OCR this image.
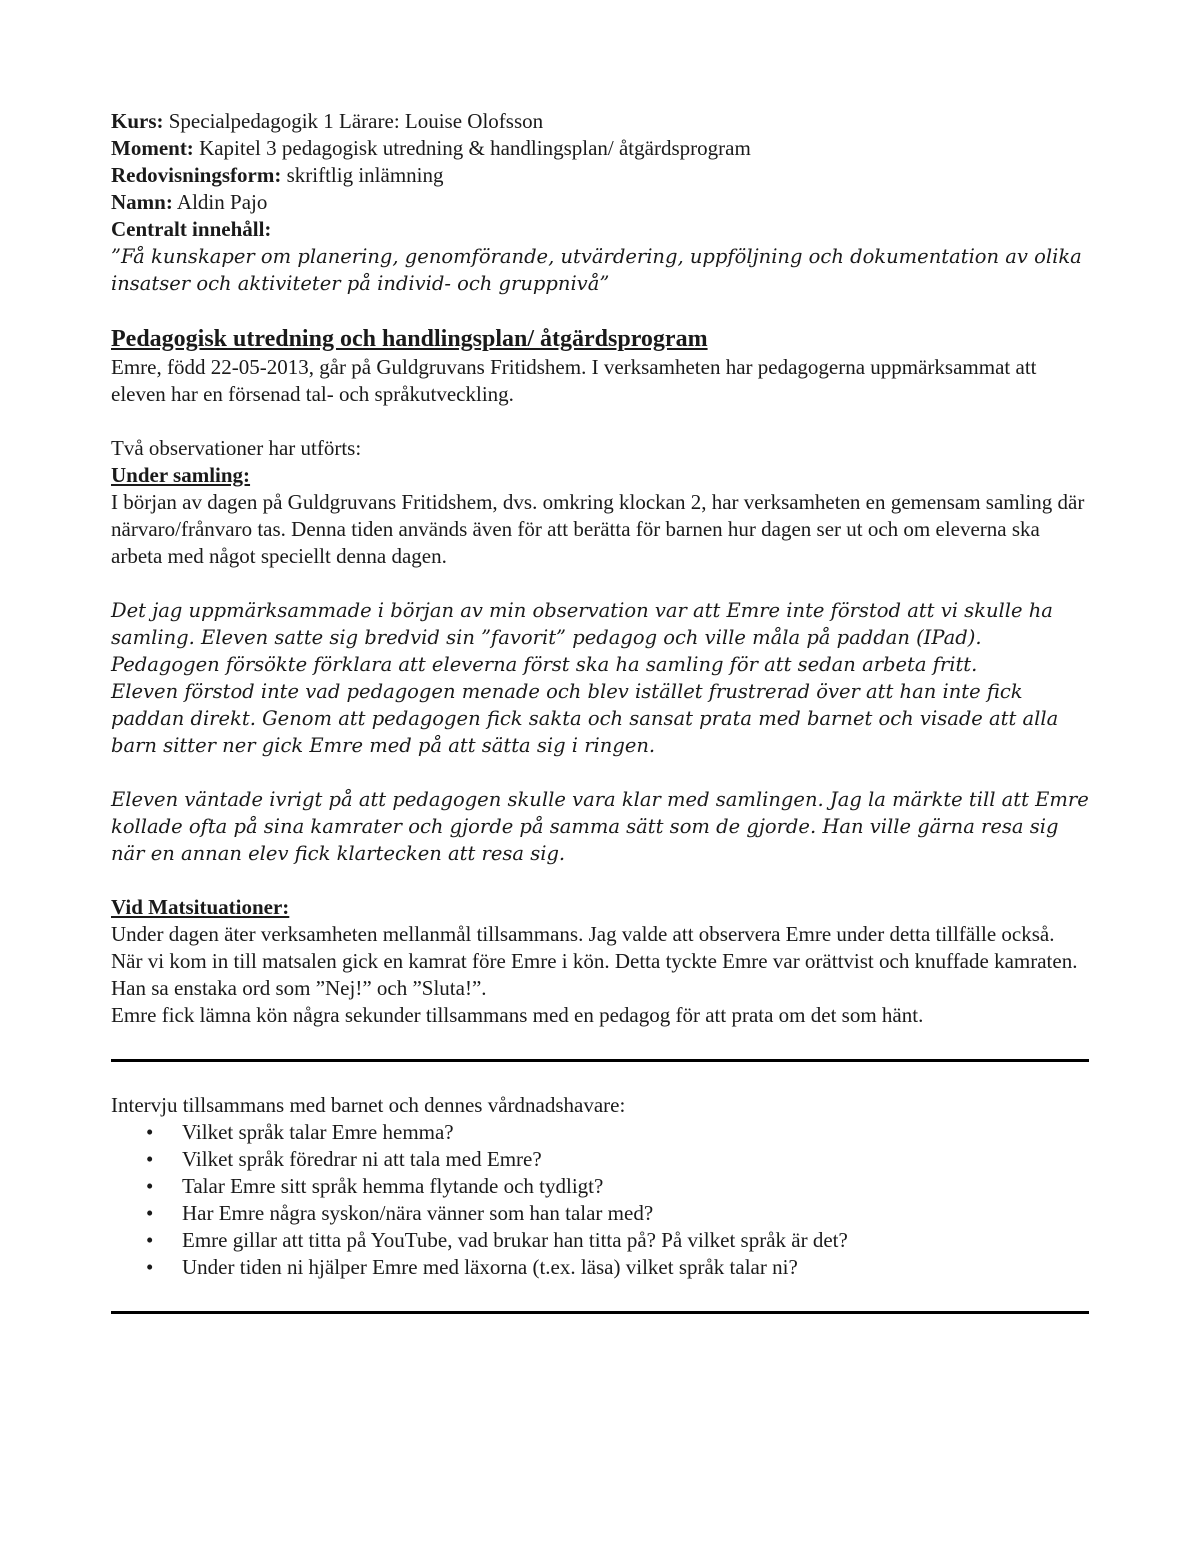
Kurs: Specialpedagogik 1 Lärare: Louise Olofsson

Moment: Kapitel 3 pedagogisk utredning & handlingsplan/ åtgärdsprogram

Redovisningsform: skriftlig inlämning

Namn: Aldin Pajo

Centralt innehåll:

”Få kunskaper om planering, genomförande, utvärdering, uppföljning och dokumentation av olika insatser och aktiviteter på individ- och gruppnivå”

Pedagogisk utredning och handlingsplan/ åtgärdsprogram

Emre, född 22-05-2013, går på Guldgruvans Fritidshem. I verksamheten har pedagogerna uppmärksammat att eleven har en försenad tal- och språkutveckling.

Två observationer har utförts:

Under samling:

I början av dagen på Guldgruvans Fritidshem, dvs. omkring klockan 2, har verksamheten en gemensam samling där närvaro/frånvaro tas. Denna tiden används även för att berätta för barnen hur dagen ser ut och om eleverna ska arbeta med något speciellt denna dagen.

Det jag uppmärksammade i början av min observation var att Emre inte förstod att vi skulle ha samling. Eleven satte sig bredvid sin ”favorit” pedagog och ville måla på paddan (IPad). Pedagogen försökte förklara att eleverna först ska ha samling för att sedan arbeta fritt.

Eleven förstod inte vad pedagogen menade och blev istället frustrerad över att han inte fick paddan direkt. Genom att pedagogen fick sakta och sansat prata med barnet och visade att alla barn sitter ner gick Emre med på att sätta sig i ringen.

Eleven väntade ivrigt på att pedagogen skulle vara klar med samlingen. Jag la märkte till att Emre kollade ofta på sina kamrater och gjorde på samma sätt som de gjorde. Han ville gärna resa sig när en annan elev fick klartecken att resa sig.

Vid Matsituationer:

Under dagen äter verksamheten mellanmål tillsammans. Jag valde att observera Emre under detta tillfälle också.

När vi kom in till matsalen gick en kamrat före Emre i kön. Detta tyckte Emre var orättvist och knuffade kamraten. Han sa enstaka ord som ”Nej!” och ”Sluta!”.

Emre fick lämna kön några sekunder tillsammans med en pedagog för att prata om det som hänt.

Intervju tillsammans med barnet och dennes vårdnadshavare:

• Vilket språk talar Emre hemma?
• Vilket språk föredrar ni att tala med Emre?
• Talar Emre sitt språk hemma flytande och tydligt?
• Har Emre några syskon/nära vänner som han talar med?
• Emre gillar att titta på YouTube, vad brukar han titta på? På vilket språk är det?
• Under tiden ni hjälper Emre med läxorna (t.ex. läsa) vilket språk talar ni?
